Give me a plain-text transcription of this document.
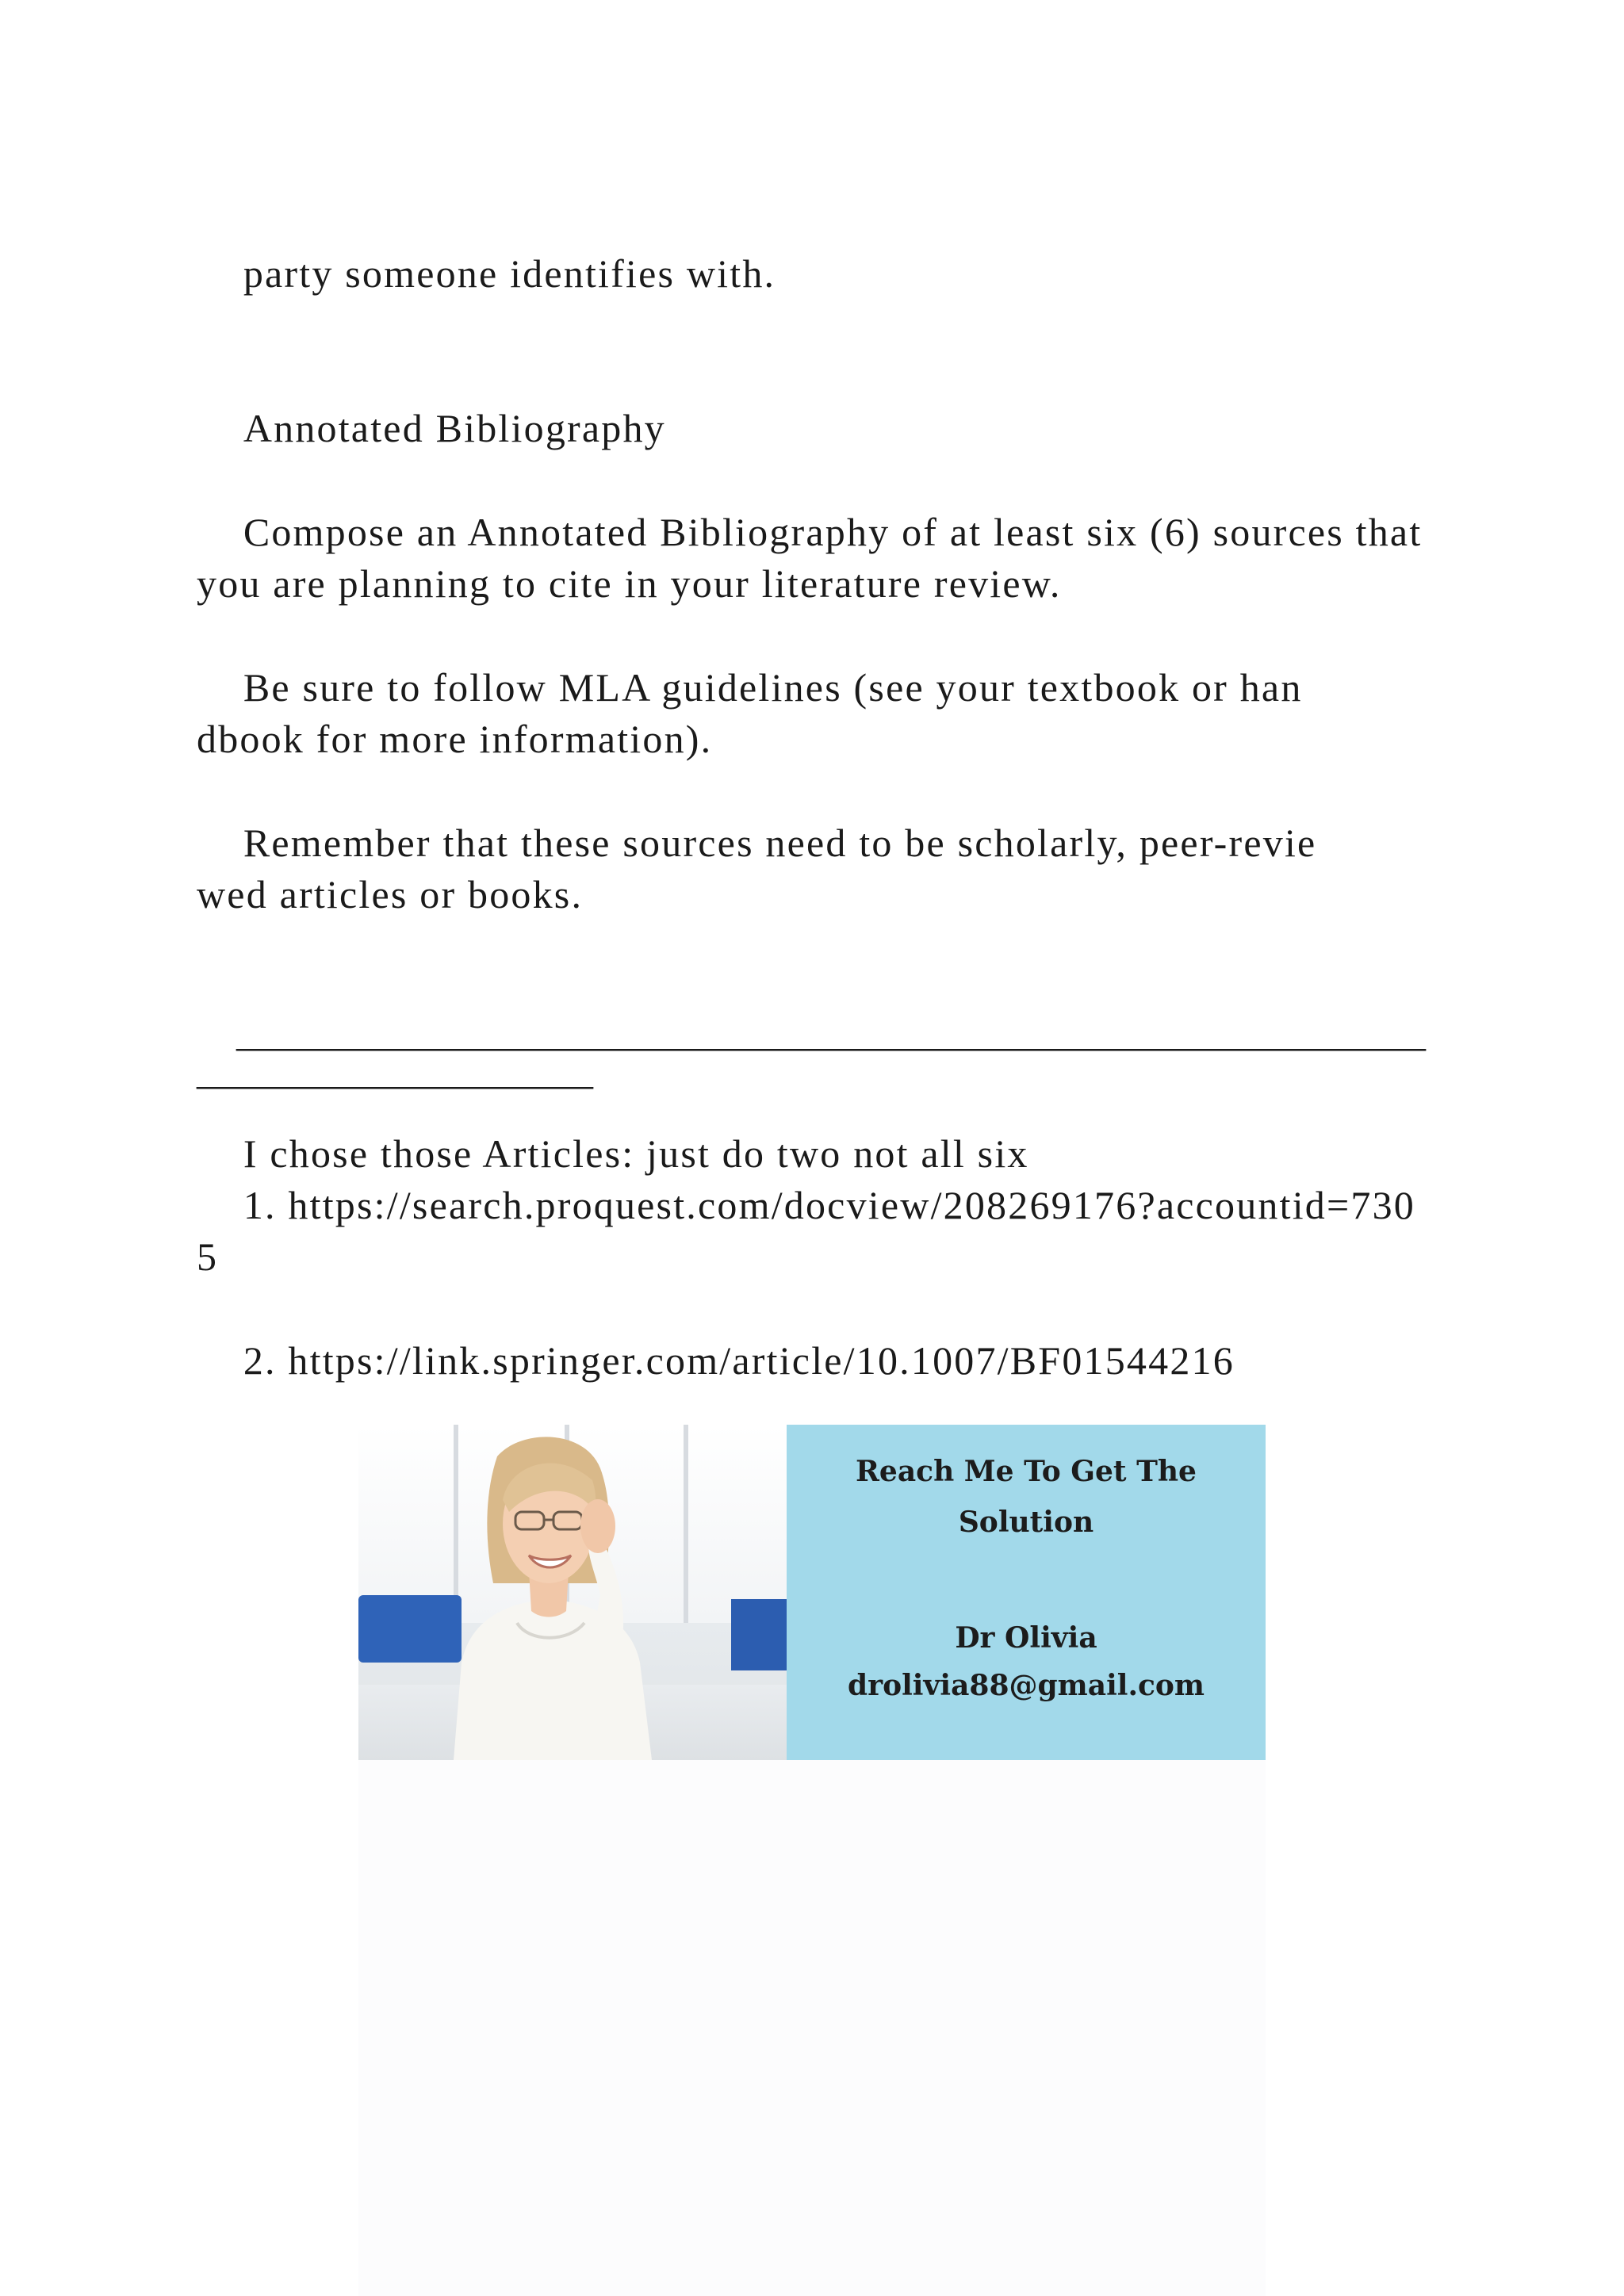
party someone identifies with.

Annotated Bibliography

Compose an Annotated Bibliography of at least six (6) sources that you are planning to cite in your literature review.

Be sure to follow MLA guidelines (see your textbook or handbook for more information).

Remember that these sources need to be scholarly, peer-reviewed articles or books.

________________________________________________________________________________

I chose those Articles: just do two not all six

1. https://search.proquest.com/docview/208269176?accountid=7305

2. https://link.springer.com/article/10.1007/BF01544216

Reach Me To Get The
Solution
Dr Olivia
drolivia88@gmail.com
